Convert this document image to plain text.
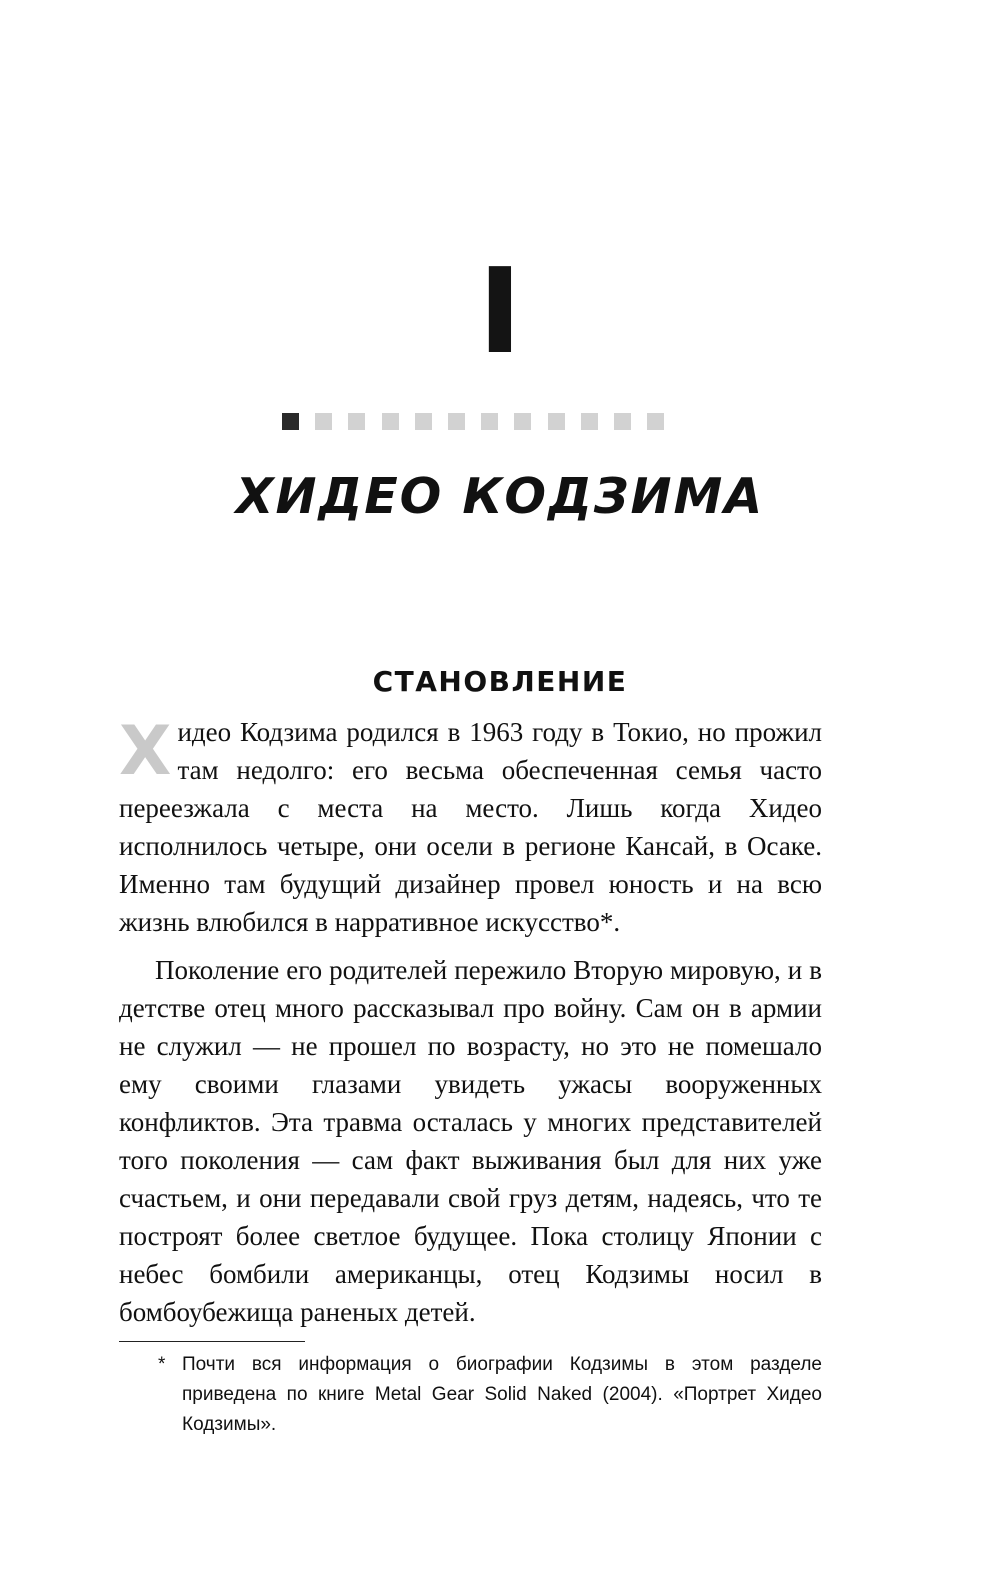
I
ХИДЕО КОДЗИМА
СТАНОВЛЕНИЕ

Хидео Кодзима родился в 1963 году в Токио, но прожил там недолго: его весьма обеспеченная семья часто переезжала с места на место. Лишь когда Хидео исполнилось четыре, они осели в регионе Кансай, в Осаке. Именно там будущий дизайнер провел юность и на всю жизнь влюбился в нарративное искусство*.

Поколение его родителей пережило Вторую мировую, и в детстве отец много рассказывал про войну. Сам он в армии не служил — не прошел по возрасту, но это не помешало ему своими глазами увидеть ужасы вооруженных конфликтов. Эта травма осталась у многих представителей того поколения — сам факт выживания был для них уже счастьем, и они передавали свой груз детям, надеясь, что те построят более светлое будущее. Пока столицу Японии с небес бомбили американцы, отец Кодзимы носил в бомбоубежища раненых детей.

* Почти вся информация о биографии Кодзимы в этом разделе приведена по книге Metal Gear Solid Naked (2004). «Портрет Хидео Кодзимы».
